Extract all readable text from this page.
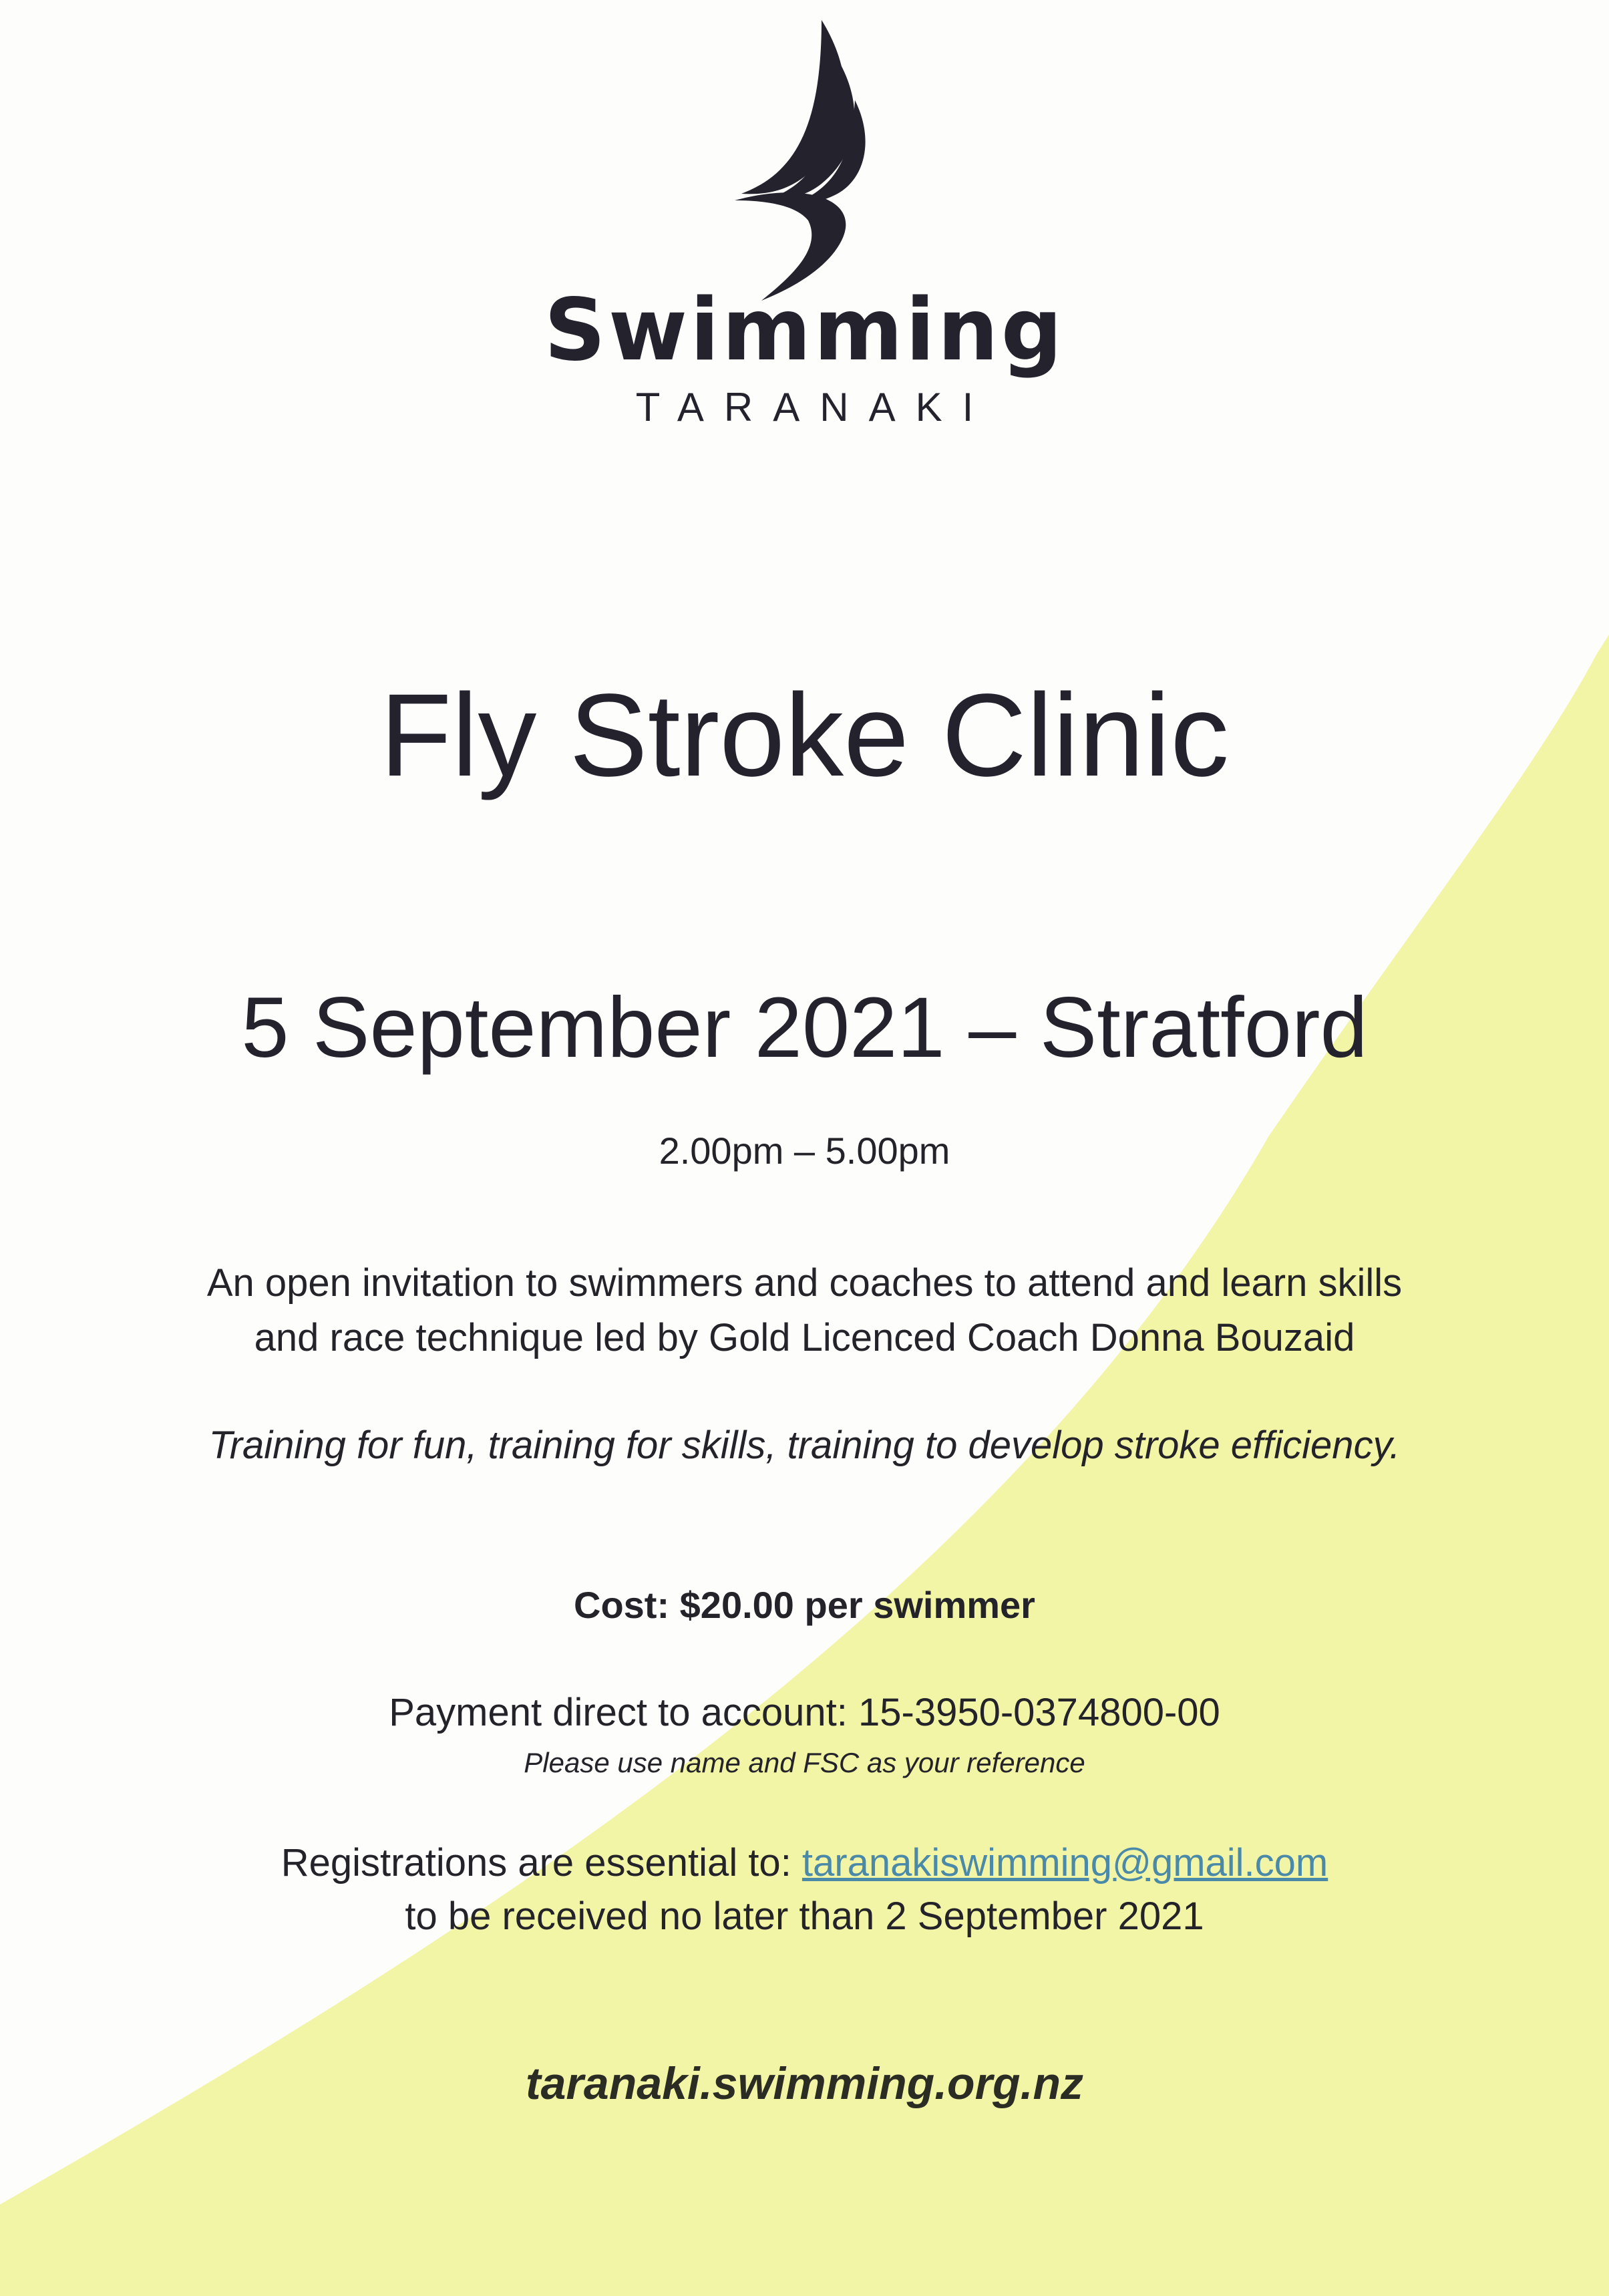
Swimming
TARANAKI
Fly Stroke Clinic
5 September 2021 – Stratford
2.00pm – 5.00pm
An open invitation to swimmers and coaches to attend and learn skills
and race technique led by Gold Licenced Coach Donna Bouzaid
Training for fun, training for skills, training to develop stroke efficiency.
Cost: $20.00 per swimmer
Payment direct to account: 15-3950-0374800-00
Please use name and FSC as your reference
Registrations are essential to: taranakiswimming@gmail.com
to be received no later than 2 September 2021
taranaki.swimming.org.nz
